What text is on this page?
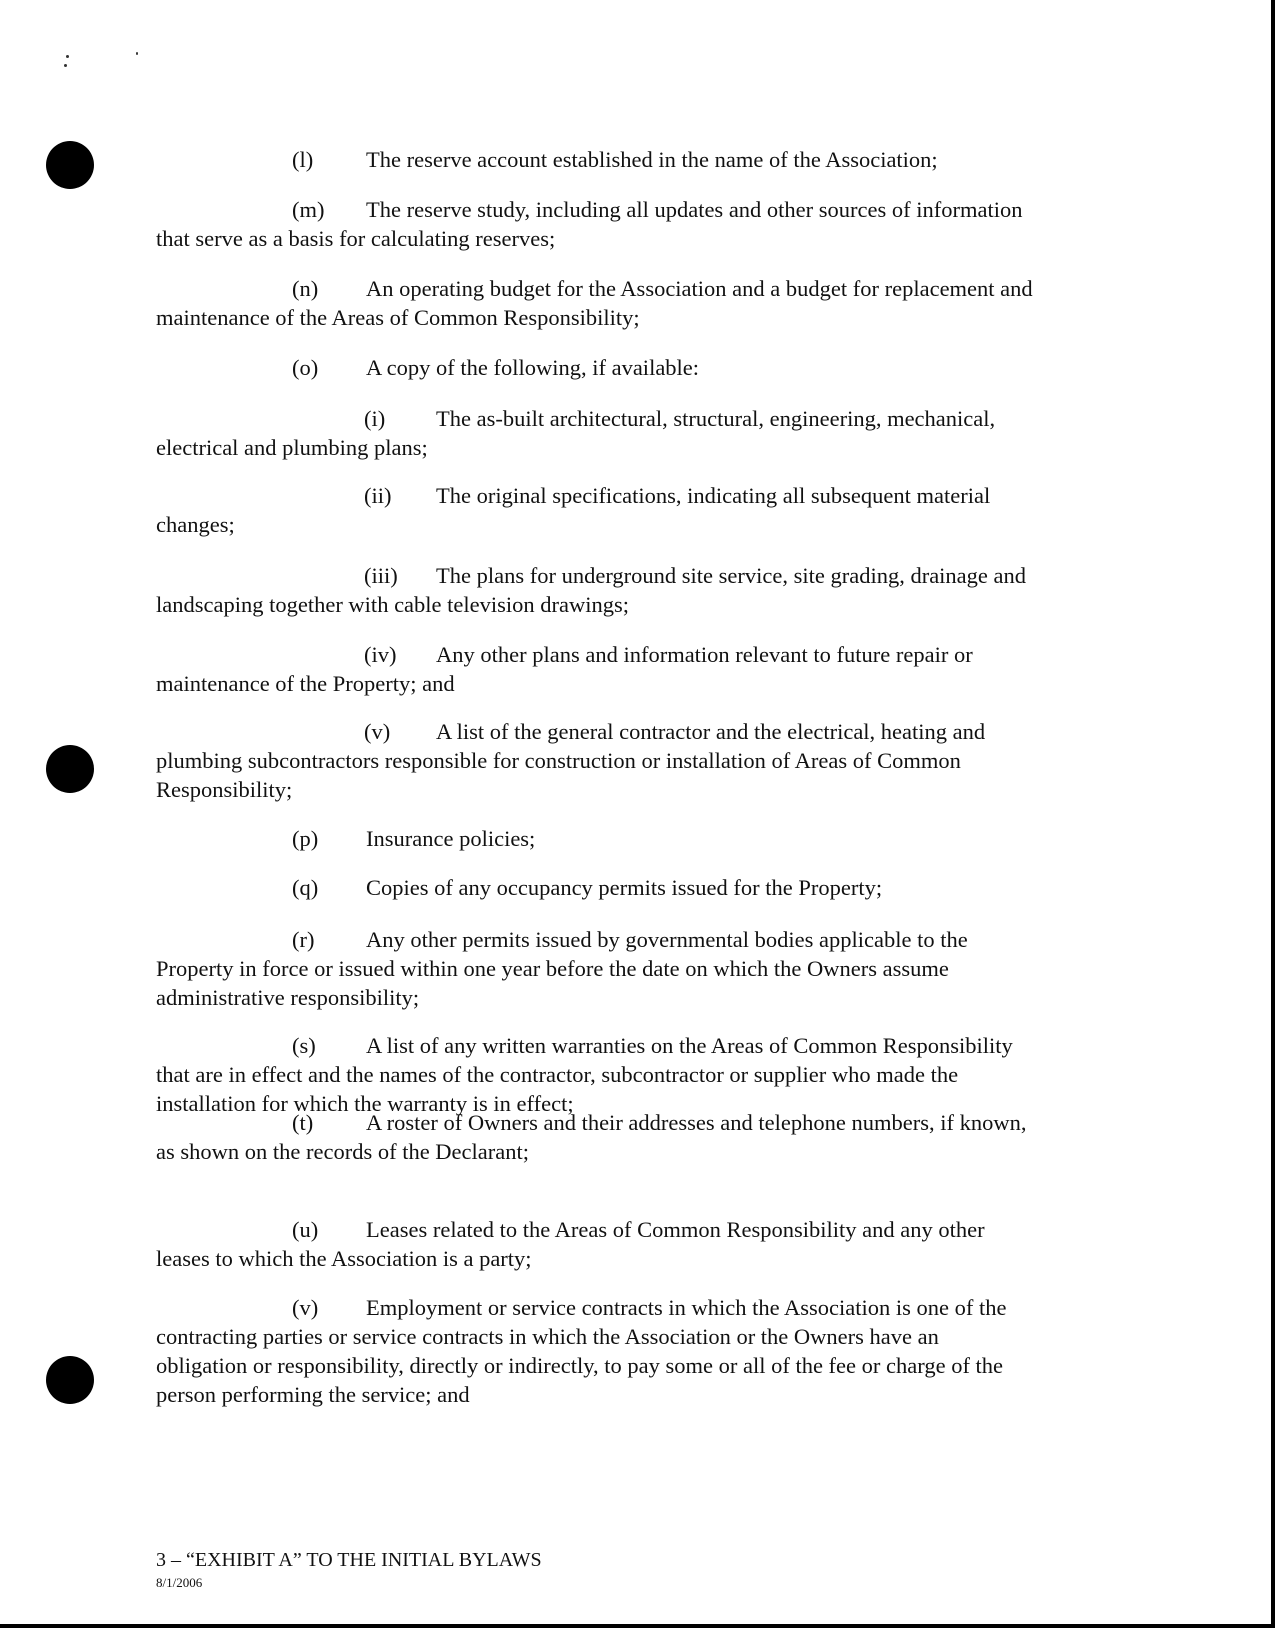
(l) The reserve account established in the name of the Association;
(m) The reserve study, including all updates and other sources of information
that serve as a basis for calculating reserves;
(n) An operating budget for the Association and a budget for replacement and
maintenance of the Areas of Common Responsibility;
(o) A copy of the following, if available:
(i) The as-built architectural, structural, engineering, mechanical,
electrical and plumbing plans;
(ii) The original specifications, indicating all subsequent material
changes;
(iii) The plans for underground site service, site grading, drainage and
landscaping together with cable television drawings;
(iv) Any other plans and information relevant to future repair or
maintenance of the Property; and
(v) A list of the general contractor and the electrical, heating and
plumbing subcontractors responsible for construction or installation of Areas of Common
Responsibility;
(p) Insurance policies;
(q) Copies of any occupancy permits issued for the Property;
(r) Any other permits issued by governmental bodies applicable to the
Property in force or issued within one year before the date on which the Owners assume
administrative responsibility;
(s) A list of any written warranties on the Areas of Common Responsibility
that are in effect and the names of the contractor, subcontractor or supplier who made the
installation for which the warranty is in effect;
(t) A roster of Owners and their addresses and telephone numbers, if known,
as shown on the records of the Declarant;
(u) Leases related to the Areas of Common Responsibility and any other
leases to which the Association is a party;
(v) Employment or service contracts in which the Association is one of the
contracting parties or service contracts in which the Association or the Owners have an
obligation or responsibility, directly or indirectly, to pay some or all of the fee or charge of the
person performing the service; and
3 – “EXHIBIT A” TO THE INITIAL BYLAWS
8/1/2006
